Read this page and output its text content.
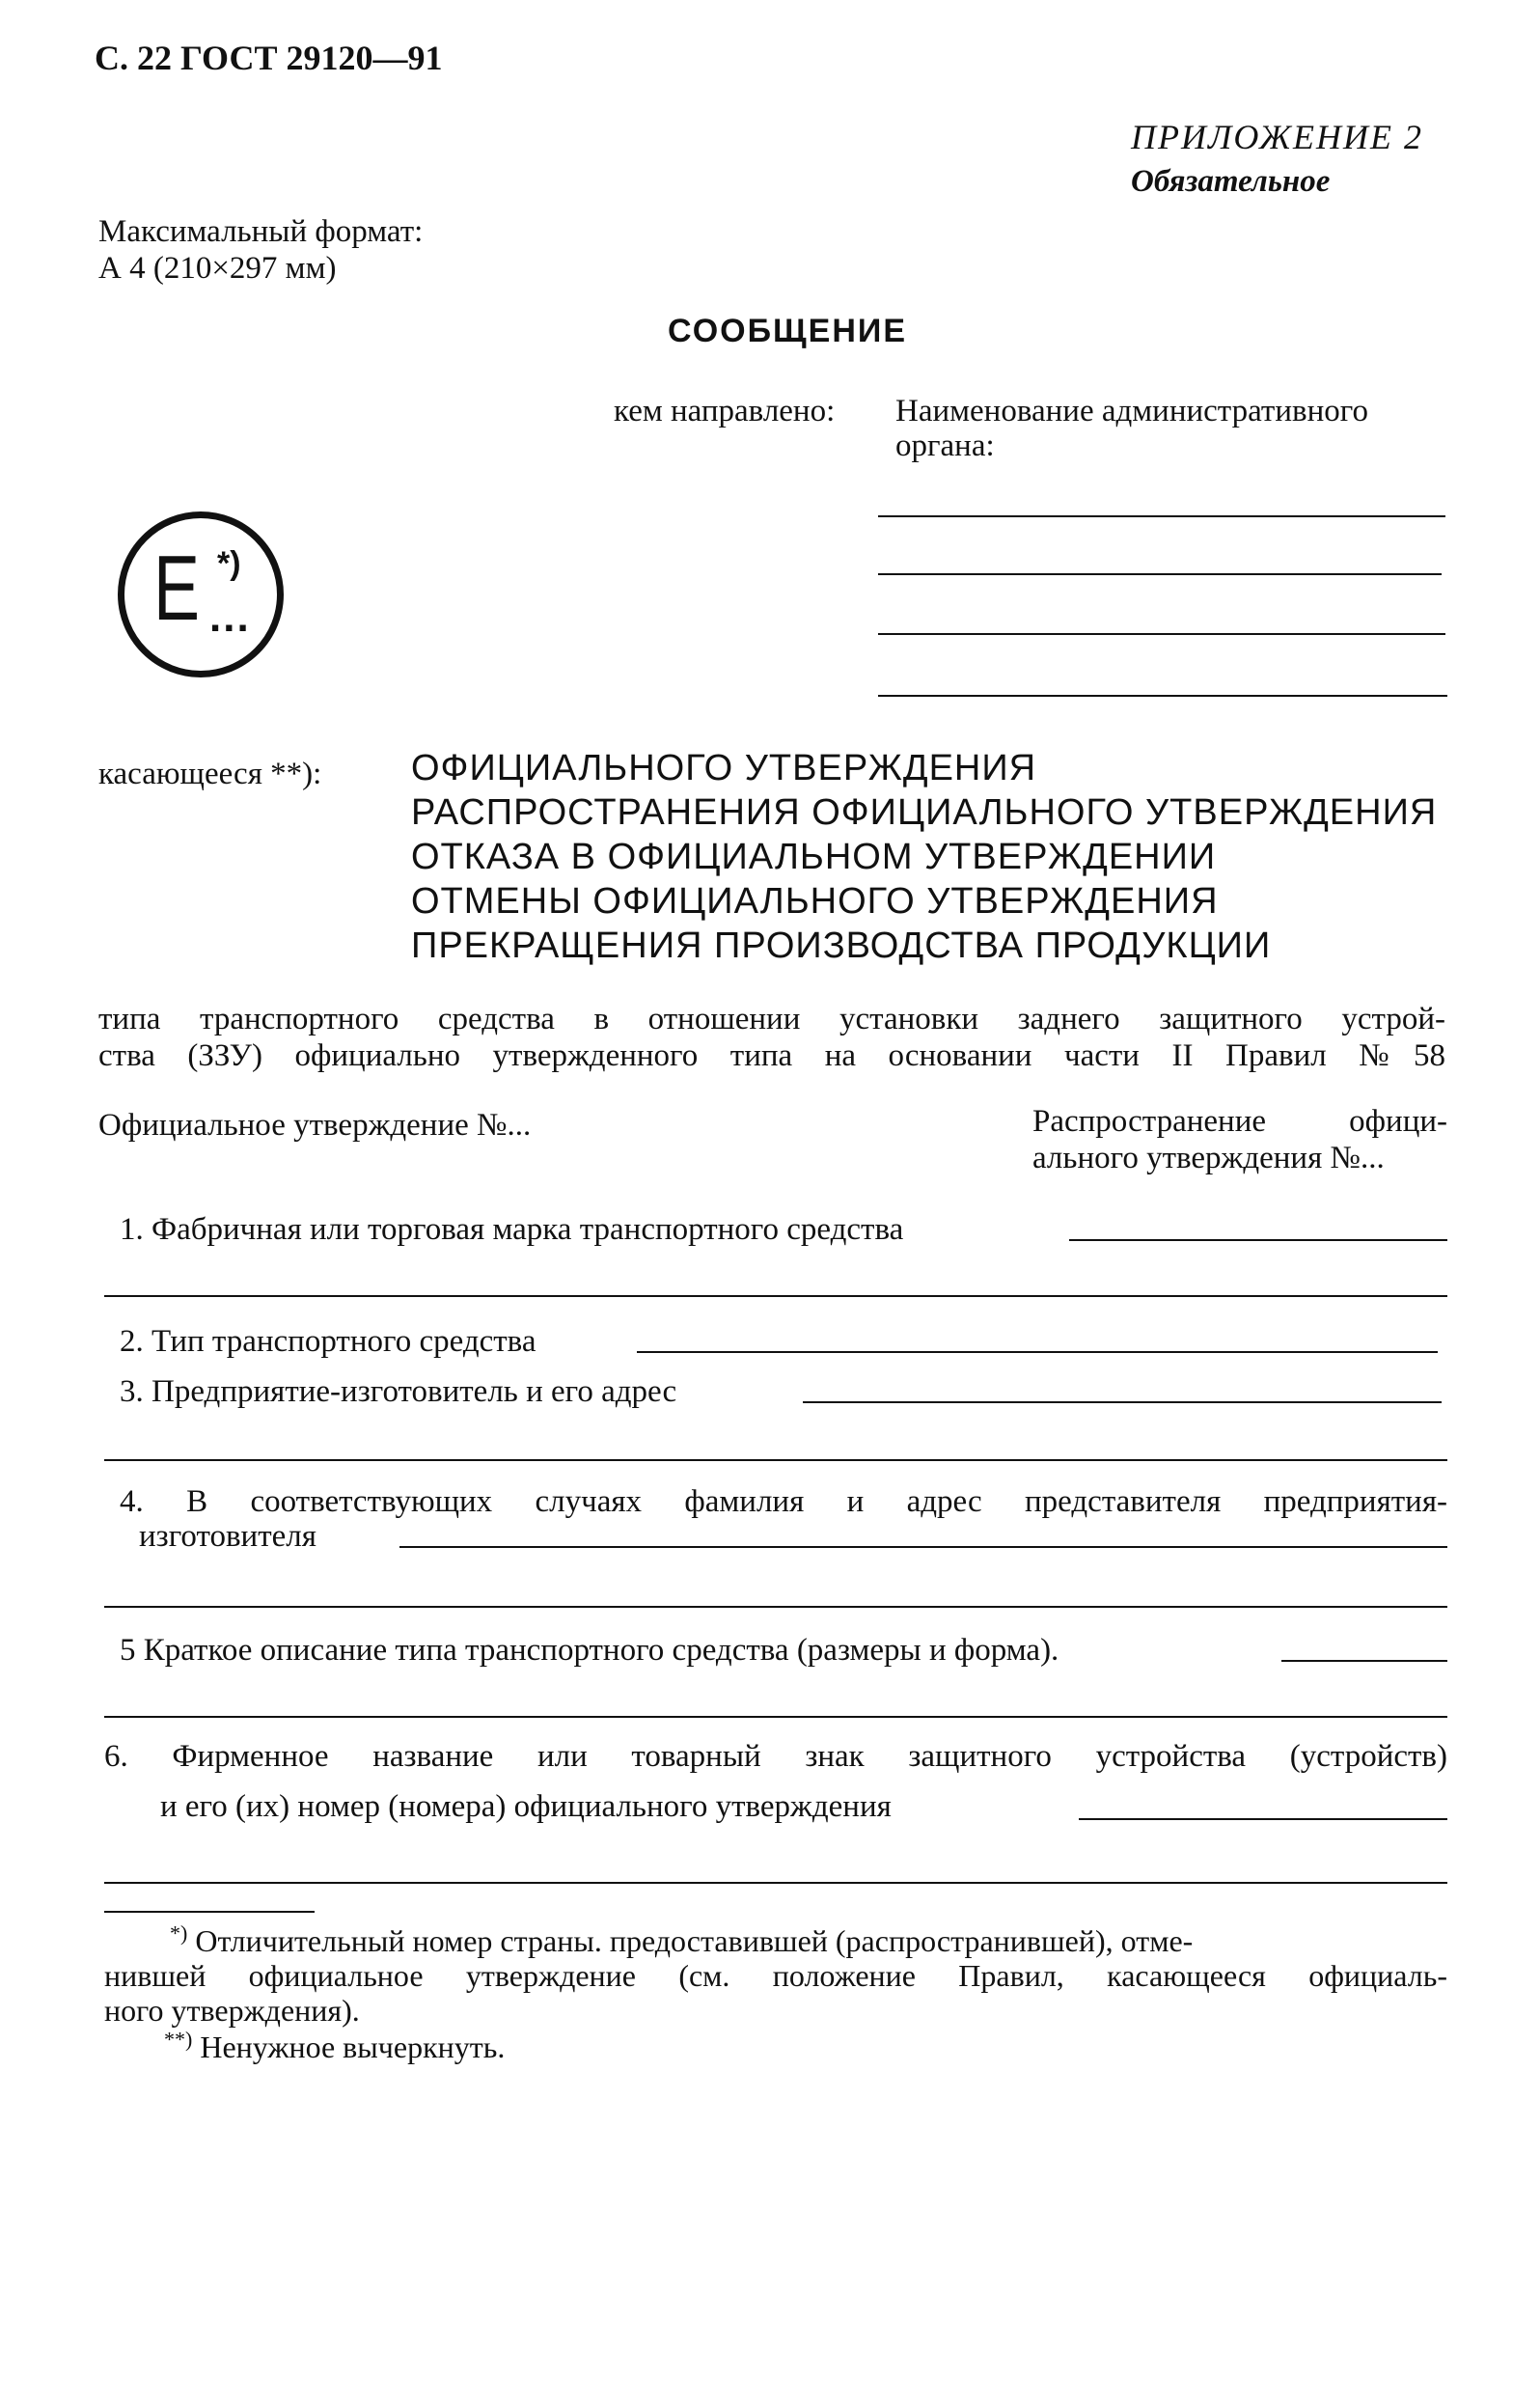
С. 22 ГОСТ 29120—91
ПРИЛОЖЕНИЕ 2
Обязательное
Максимальный формат:
А 4 (210×297 мм)
СООБЩЕНИЕ
кем направлено: Наименование административного
органа:
E *)
...
касающееся **): ОФИЦИАЛЬНОГО УТВЕРЖДЕНИЯ
РАСПРОСТРАНЕНИЯ ОФИЦИАЛЬНОГО УТВЕРЖДЕНИЯ
ОТКАЗА В ОФИЦИАЛЬНОМ УТВЕРЖДЕНИИ
ОТМЕНЫ ОФИЦИАЛЬНОГО УТВЕРЖДЕНИЯ
ПРЕКРАЩЕНИЯ ПРОИЗВОДСТВА ПРОДУКЦИИ
типа транспортного средства в отношении установки заднего защитного устрой-
ства (ЗЗУ) официально утвержденного типа на основании части II Правил №58
Официальное утверждение №...	Распространение офици-
ального утверждения №...
1. Фабричная или торговая марка транспортного средства
2. Тип транспортного средства
3. Предприятие-изготовитель и его адрес
4. В соответствующих случаях фамилия и адрес представителя предприятия-
изготовителя
5 Краткое описание типа транспортного средства (размеры и форма).
6. Фирменное название или товарный знак защитного устройства (устройств)
и его (их) номер (номера) официального утверждения
*) Отличительный номер страны. предоставившей (распространившей), отме-
нившей официальное утверждение (см. положение Правил, касающееся официаль-
ного утверждения).
**) Ненужное вычеркнуть.
